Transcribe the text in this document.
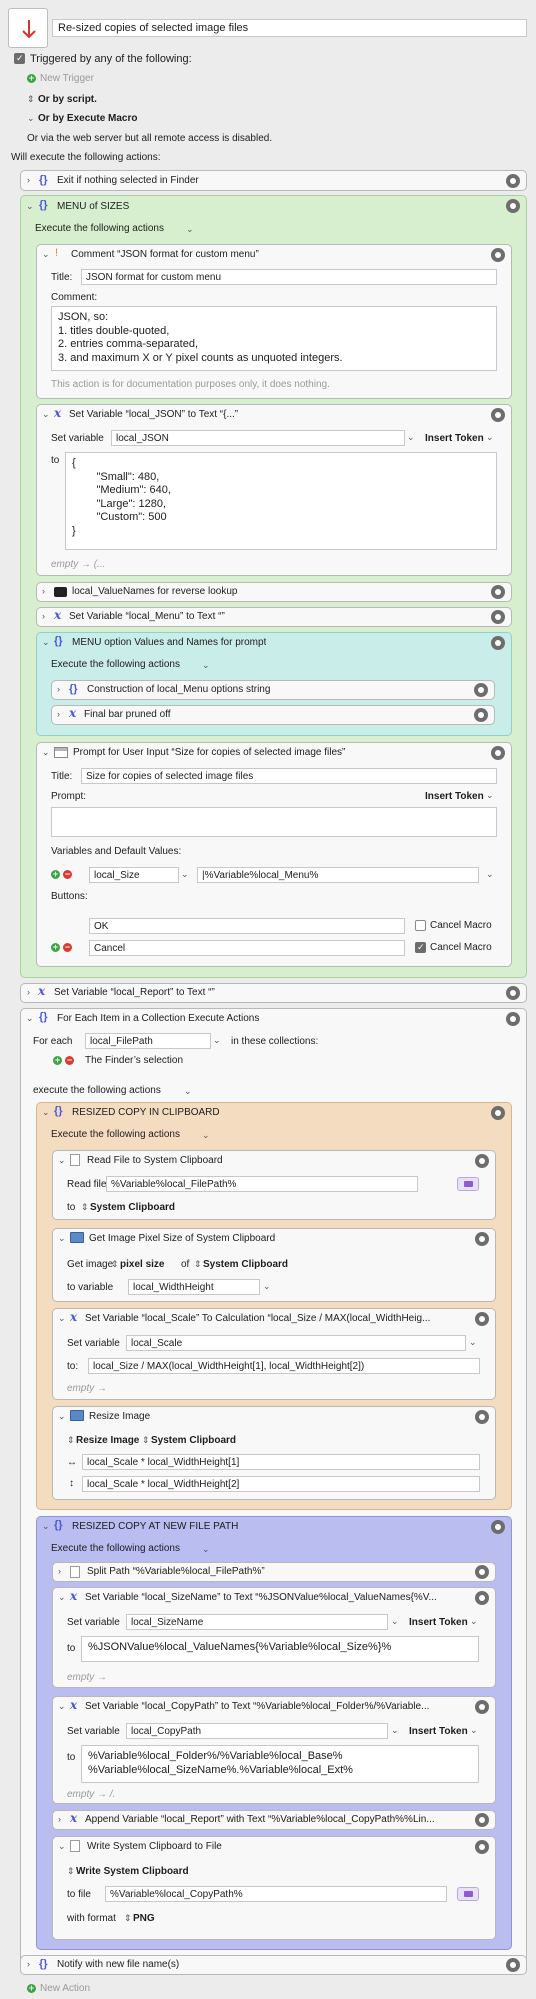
Re-sized copies of selected image files
✓
Triggered by any of the following:
+ New Trigger
⇕ Or by script.
⌄ Or by Execute Macro
Or via the web server but all remote access is disabled.
Will execute the following actions:
› {} Exit if nothing selected in Finder
⌄ {} MENU of SIZES
Execute the following actions ⌄
⌄ ! Comment “JSON format for custom menu”
Title:	JSON format for custom menu
Comment:
JSON, so:
1. titles double-quoted,
2. entries comma-separated,
3. and maximum X or Y pixel counts as unquoted integers.
This action is for documentation purposes only, it does nothing.
⌄ x Set Variable “local_JSON” to Text “{...”
Set variable	local_JSON	⌄ Insert Token ⌄
to	{
"Small": 480,
"Medium": 640,
"Large": 1280,
"Custom": 500
}
empty → (...
›	local_ValueNames for reverse lookup
› x Set Variable “local_Menu” to Text “”
⌄ {} MENU option Values and Names for prompt
Execute the following actions ⌄
› {} Construction of local_Menu options string
› x Final bar pruned off
⌄ Prompt for User Input “Size for copies of selected image files”
Title:	Size for copies of selected image files
Prompt:	Insert Token ⌄
Variables and Default Values:
+ −	local_Size	⌄	|%Variable%local_Menu%	⌄
Buttons:
OK	Cancel Macro
+ −	Cancel
✓	Cancel Macro
› x Set Variable “local_Report” to Text “”
⌄ {} For Each Item in a Collection Execute Actions
For each	local_FilePath	⌄ in these collections:
+ − The Finder’s selection
execute the following actions	⌄
⌄ {} RESIZED COPY IN CLIPBOARD
Execute the following actions ⌄
⌄ Read File to System Clipboard
Read file %Variable%local_FilePath%
to ⇕ System Clipboard
⌄ Get Image Pixel Size of System Clipboard
Get image
⇕ pixel size of ⇕ System Clipboard
to variable	local_WidthHeight	⌄
⌄ x Set Variable “local_Scale” To Calculation “local_Size / MAX(local_WidthHeig...
Set variable	local_Scale	⌄
to:	local_Size / MAX(local_WidthHeight[1], local_WidthHeight[2])
empty →
⌄ Resize Image
⇕ Resize Image ⇕ System Clipboard
↔	local_Scale * local_WidthHeight[1]
↕	local_Scale * local_WidthHeight[2]
⌄ {} RESIZED COPY AT NEW FILE PATH
Execute the following actions ⌄
›	Split Path “%Variable%local_FilePath%”
⌄ x Set Variable “local_SizeName” to Text “%JSONValue%local_ValueNames{%V...
Set variable	local_SizeName	⌄ Insert Token ⌄
to	%JSONValue%local_ValueNames{%Variable%local_Size%}%
empty →
⌄ x Set Variable “local_CopyPath” to Text “%Variable%local_Folder%/%Variable...
Set variable	local_CopyPath	⌄ Insert Token ⌄
to	%Variable%local_Folder%/%Variable%local_Base%
%Variable%local_SizeName%.%Variable%local_Ext%
empty → /.
› x Append Variable “local_Report” with Text “%Variable%local_CopyPath%%Lin...
⌄ Write System Clipboard to File
⇕ Write System Clipboard
to file	%Variable%local_CopyPath%
with format ⇕ PNG
› {} Notify with new file name(s)
+ New Action
